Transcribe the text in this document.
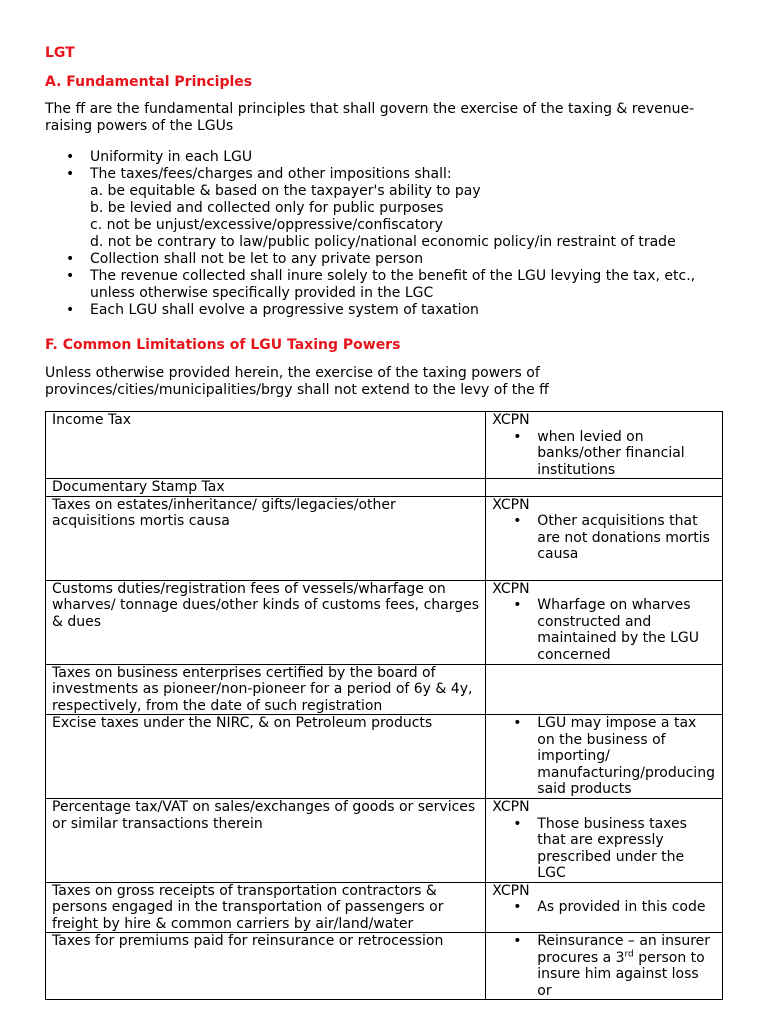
LGT
A. Fundamental Principles
The ff are the fundamental principles that shall govern the exercise of the taxing & revenue-raising powers of the LGUs
• Uniformity in each LGU
• The taxes/fees/charges and other impositions shall:
a. be equitable & based on the taxpayer's ability to pay
b. be levied and collected only for public purposes
c. not be unjust/excessive/oppressive/confiscatory
d. not be contrary to law/public policy/national economic policy/in restraint of trade
• Collection shall not be let to any private person
• The revenue collected shall inure solely to the benefit of the LGU levying the tax, etc., unless otherwise specifically provided in the LGC
• Each LGU shall evolve a progressive system of taxation
F. Common Limitations of LGU Taxing Powers
Unless otherwise provided herein, the exercise of the taxing powers of provinces/cities/municipalities/brgy shall not extend to the levy of the ff
Income Tax	XCPN
• when levied on banks/other financial institutions

Documentary Stamp Tax	

Taxes on estates/inheritance/ gifts/legacies/other acquisitions mortis causa	XCPN
• Other acquisitions that are not donations mortis causa

Customs duties/registration fees of vessels/wharfage on wharves/ tonnage dues/other kinds of customs fees, charges & dues	XCPN
• Wharfage on wharves constructed and maintained by the LGU concerned

Taxes on business enterprises certified by the board of investments as pioneer/non-pioneer for a period of 6y & 4y, respectively, from the date of such registration	

Excise taxes under the NIRC, & on Petroleum products	• LGU may impose a tax on the business of importing/ manufacturing/producing said products

Percentage tax/VAT on sales/exchanges of goods or services or similar transactions therein	XCPN
• Those business taxes that are expressly prescribed under the LGC

Taxes on gross receipts of transportation contractors & persons engaged in the transportation of passengers or freight by hire & common carriers by air/land/water	XCPN
• As provided in this code

Taxes for premiums paid for reinsurance or retrocession	• Reinsurance – an insurer procures a 3rd person to insure him against loss or
